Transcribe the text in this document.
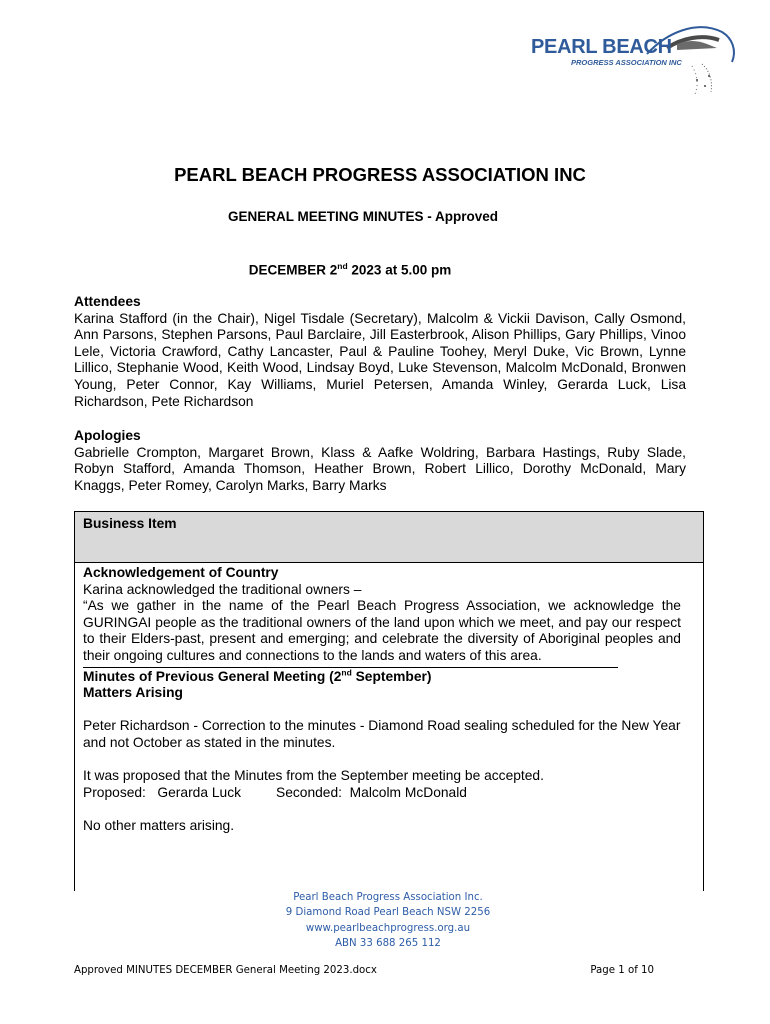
PEARL BEACH
PROGRESS ASSOCIATION INC
PEARL BEACH PROGRESS ASSOCIATION INC
GENERAL MEETING MINUTES - Approved
DECEMBER 2nd 2023 at 5.00 pm
Attendees
Karina Stafford (in the Chair), Nigel Tisdale (Secretary), Malcolm & Vickii Davison, Cally Osmond, Ann Parsons, Stephen Parsons, Paul Barclaire, Jill Easterbrook, Alison Phillips, Gary Phillips, Vinoo Lele, Victoria Crawford, Cathy Lancaster, Paul & Pauline Toohey, Meryl Duke, Vic Brown, Lynne Lillico, Stephanie Wood, Keith Wood, Lindsay Boyd, Luke Stevenson, Malcolm McDonald, Bronwen Young, Peter Connor, Kay Williams, Muriel Petersen, Amanda Winley, Gerarda Luck, Lisa Richardson, Pete Richardson
Apologies
Gabrielle Crompton, Margaret Brown, Klass & Aafke Woldring, Barbara Hastings, Ruby Slade, Robyn Stafford, Amanda Thomson, Heather Brown, Robert Lillico, Dorothy McDonald, Mary Knaggs, Peter Romey, Carolyn Marks, Barry Marks
Business Item

Acknowledgement of Country

Karina acknowledged the traditional owners –

“As we gather in the name of the Pearl Beach Progress Association, we acknowledge the GURINGAI people as the traditional owners of the land upon which we meet, and pay our respect to their Elders-past, present and emerging; and celebrate the diversity of Aboriginal peoples and their ongoing cultures and connections to the lands and waters of this area.

Minutes of Previous General Meeting (2nd September)

Matters Arising

Peter Richardson - Correction to the minutes - Diamond Road sealing scheduled for the New Year and not October as stated in the minutes.

It was proposed that the Minutes from the September meeting be accepted.

Proposed: Gerarda Luck	Seconded: Malcolm McDonald

No other matters arising.

Pearl Beach Progress Association Inc.
9 Diamond Road Pearl Beach NSW 2256
www.pearlbeachprogress.org.au
ABN 33 688 265 112
Approved MINUTES DECEMBER General Meeting 2023.docx	Page 1 of 10
